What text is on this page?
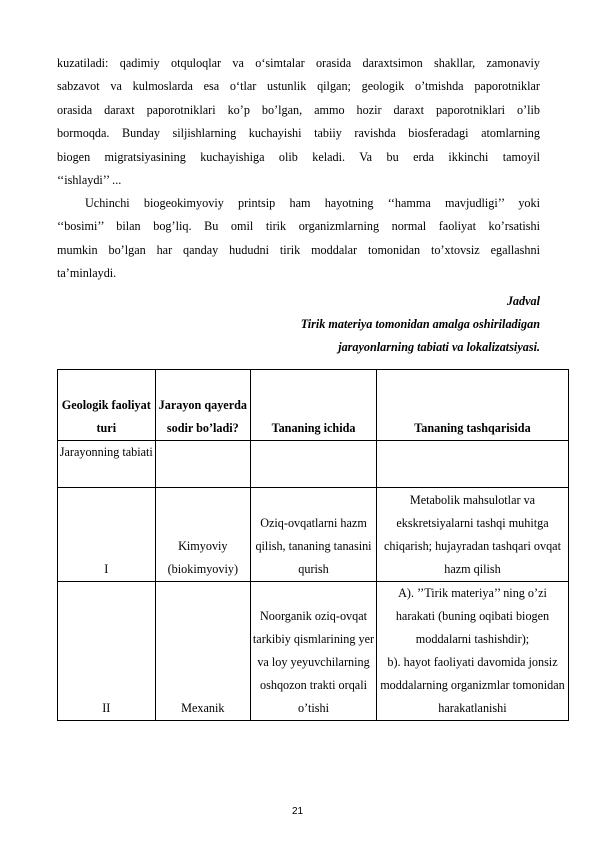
kuzatiladi: qadimiy otquloqlar va o‘simtalar orasida daraxtsimon shakllar, zamonaviy
sabzavot va kulmoslarda esa o‘tlar ustunlik qilgan; geologik o’tmishda paporotniklar
orasida daraxt paporotniklari ko’p bo’lgan, ammo hozir daraxt paporotniklari o’lib
bormoqda. Bunday siljishlarning kuchayishi tabiiy ravishda biosferadagi atomlarning
biogen migratsiyasining kuchayishiga olib keladi. Va bu erda ikkinchi tamoyil
‘‘ishlaydi’’ ...
Uchinchi biogeokimyoviy printsip ham hayotning ‘‘hamma mavjudligi’’ yoki
‘‘bosimi’’ bilan bog’liq. Bu omil tirik organizmlarning normal faoliyat ko’rsatishi
mumkin bo’lgan har qanday hududni tirik moddalar tomonidan to’xtovsiz egallashni
ta’minlaydi.
Jadval
Tirik materiya tomonidan amalga oshiriladigan
jarayonlarning tabiati va lokalizatsiyasi.
Geologik faoliyat turi	Jarayon qayerda sodir bo’ladi?	Tananing ichida	Tananing tashqarisida
Jarayonning tabiati			
I	Kimyoviy (biokimyoviy)	Oziq-ovqatlarni hazm qilish, tananing tanasini qurish	Metabolik mahsulotlar va ekskretsiyalarni tashqi muhitga chiqarish; hujayradan tashqari ovqat hazm qilish
II	Mexanik	Noorganik oziq-ovqat tarkibiy qismlarining yer va loy yeyuvchilarning oshqozon trakti orqali o’tishi	A). ’’Tirik materiya’’ ning o’zi harakati (buning oqibati biogen moddalarni tashishdir);
b). hayot faoliyati davomida jonsiz moddalarning organizmlar tomonidan harakatlanishi
21
